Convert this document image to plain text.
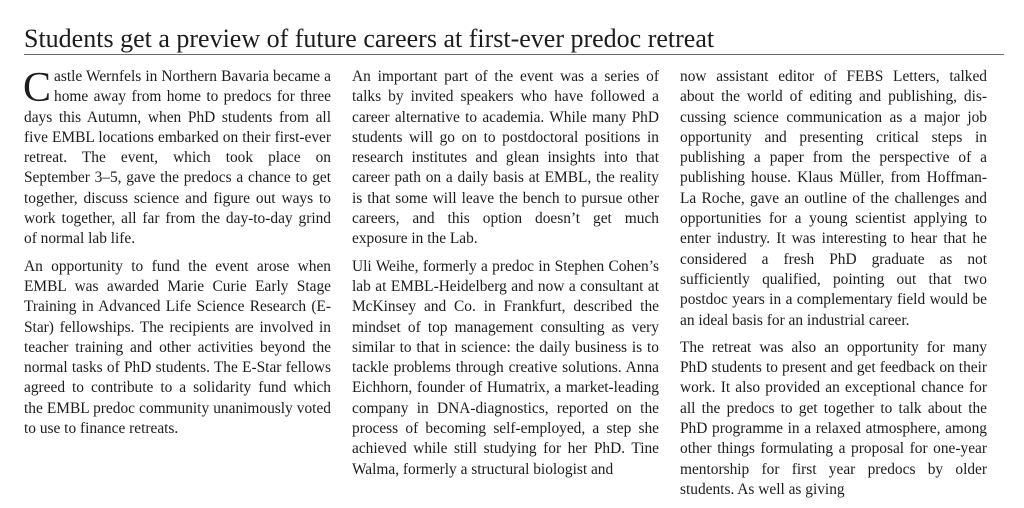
Students get a preview of future careers at first-ever predoc retreat

Castle Wernfels in Northern Bavaria became a home away from home to predocs for three days this Autumn, when PhD students from all five EMBL locations embarked on their first-ever retreat. The event, which took place on September 3–5, gave the predocs a chance to get together, discuss science and figure out ways to work together, all far from the day-to-day grind of normal lab life.

An opportunity to fund the event arose when EMBL was awarded Marie Curie Early Stage Training in Advanced Life Science Research (E-Star) fellowships. The recipients are involved in teacher training and other activities beyond the normal tasks of PhD students. The E-Star fellows agreed to contribute to a solidarity fund which the EMBL predoc community unanimously voted to use to finance retreats.

An important part of the event was a series of talks by invited speakers who have followed a career alternative to academia. While many PhD students will go on to postdoctoral positions in research institutes and glean insights into that career path on a daily basis at EMBL, the reality is that some will leave the bench to pursue other careers, and this option doesn’t get much exposure in the Lab.

Uli Weihe, formerly a predoc in Stephen Cohen’s lab at EMBL-Heidelberg and now a consultant at McKinsey and Co. in Frankfurt, described the mindset of top management consulting as very similar to that in science: the daily business is to tackle problems through creative solutions. Anna Eichhorn, founder of Humatrix, a market-leading company in DNA-diagnostics, reported on the process of becoming self-employed, a step she achieved while still studying for her PhD. Tine Walma, formerly a structural biologist and

now assistant editor of FEBS Letters, talked about the world of editing and publishing, discussing science communication as a major job opportunity and presenting critical steps in publishing a paper from the perspective of a publishing house. Klaus Müller, from Hoffman-La Roche, gave an outline of the challenges and opportunities for a young scientist applying to enter industry. It was interesting to hear that he considered a fresh PhD graduate as not sufficiently qualified, pointing out that two postdoc years in a complementary field would be an ideal basis for an industrial career.

The retreat was also an opportunity for many PhD students to present and get feedback on their work. It also provided an exceptional chance for all the predocs to get together to talk about the PhD programme in a relaxed atmosphere, among other things formulating a proposal for one-year mentorship for first year predocs by older students. As well as giving
